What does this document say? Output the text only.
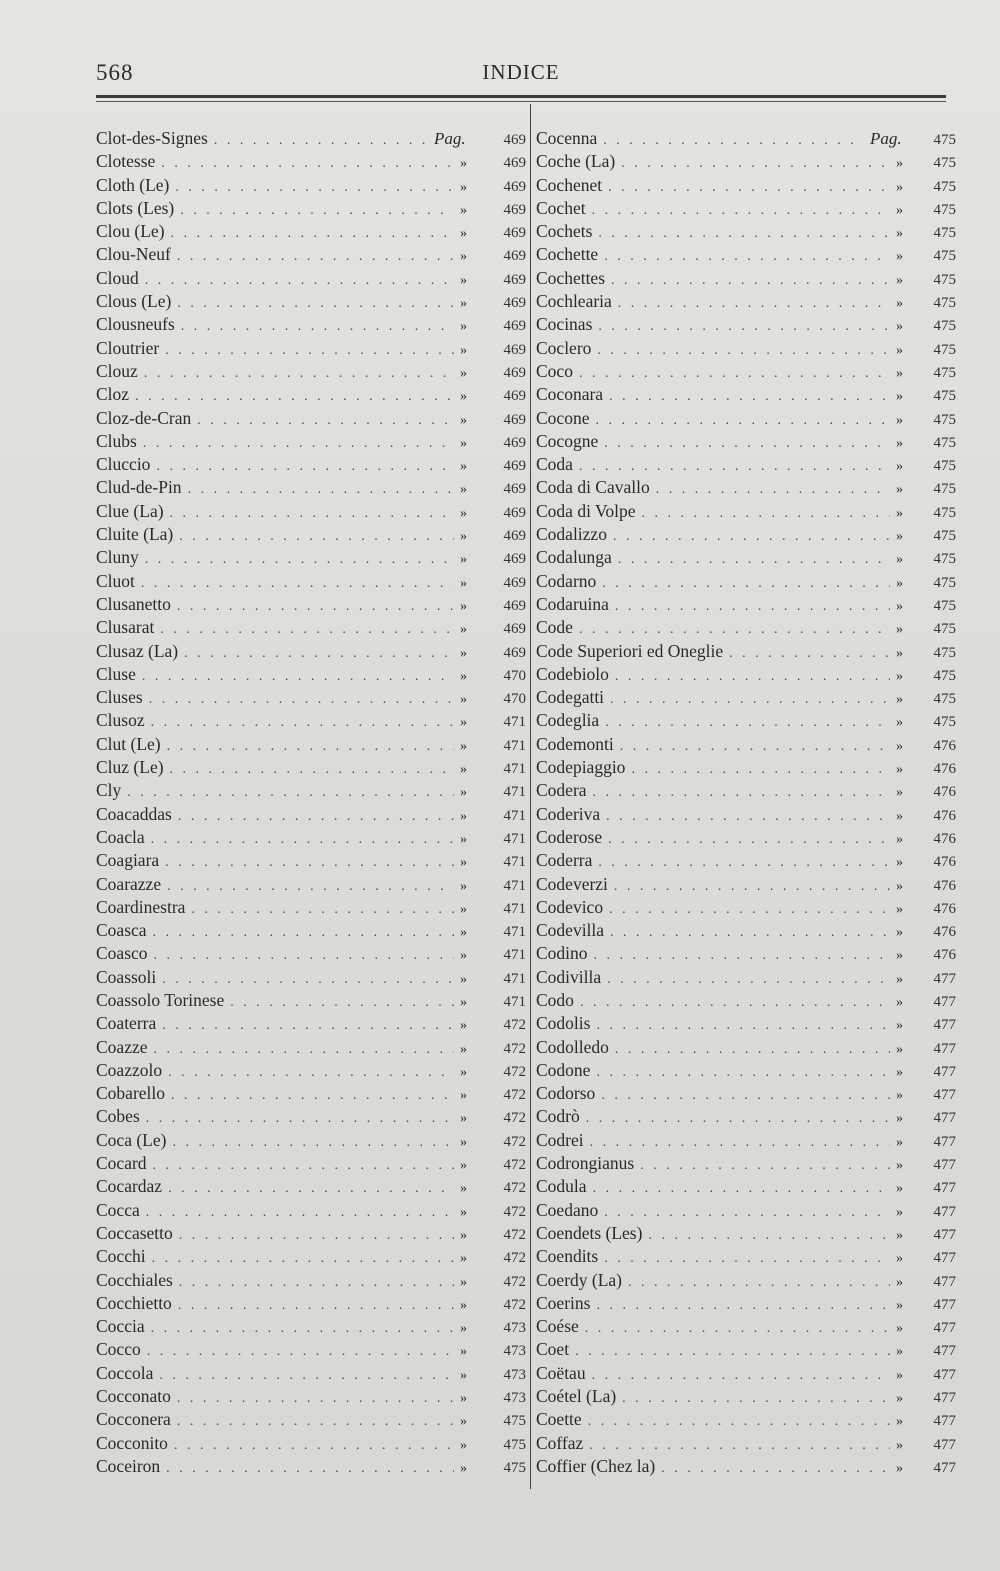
568	INDICE
Clot-des-Signes . . .	Pag.	469
Clotesse . . .	»	469
Cloth (Le) . . .	»	469
Clots (Les) . . .	»	469
Clou (Le) . . .	»	469
Clou-Neuf . . .	»	469
Cloud . . .	»	469
Clous (Le) . . .	»	469
Clousneufs . . .	»	469
Cloutrier . . .	»	469
Clouz . . .	»	469
Cloz . . .	»	469
Cloz-de-Cran . . .	»	469
Clubs . . .	»	469
Cluccio . . .	»	469
Clud-de-Pin . . .	»	469
Clue (La) . . .	»	469
Cluite (La) . . .	»	469
Cluny . . .	»	469
Cluot . . .	»	469
Clusanetto . . .	»	469
Clusarat . . .	»	469
Clusaz (La) . . .	»	469
Cluse . . .	»	470
Cluses . . .	»	470
Clusoz . . .	»	471
Clut (Le) . . .	»	471
Cluz (Le) . . .	»	471
Cly . . .	»	471
Coacaddas . . .	»	471
Coacla . . .	»	471
Coagiara . . .	»	471
Coarazze . . .	»	471
Coardinestra . . .	»	471
Coasca . . .	»	471
Coasco . . .	»	471
Coassoli . . .	»	471
Coassolo Torinese . . .	»	471
Coaterra . . .	»	472
Coazze . . .	»	472
Coazzolo . . .	»	472
Cobarello . . .	»	472
Cobes . . .	»	472
Coca (Le) . . .	»	472
Cocard . . .	»	472
Cocardaz . . .	»	472
Cocca . . .	»	472
Coccasetto . . .	»	472
Cocchi . . .	»	472
Cocchiales . . .	»	472
Cocchietto . . .	»	472
Coccia . . .	»	473
Cocco . . .	»	473
Coccola . . .	»	473
Cocconato . . .	»	473
Cocconera . . .	»	475
Cocconito . . .	»	475
Coceiron . . .	»	475
Cocenna . . .	Pag.	475
Coche (La) . . .	»	475
Cochenet . . .	»	475
Cochet . . .	»	475
Cochets . . .	»	475
Cochette . . .	»	475
Cochettes . . .	»	475
Cochlearia . . .	»	475
Cocinas . . .	»	475
Coclero . . .	»	475
Coco . . .	»	475
Coconara . . .	»	475
Cocone . . .	»	475
Cocogne . . .	»	475
Coda . . .	»	475
Coda di Cavallo . . .	»	475
Coda di Volpe . . .	»	475
Codalizzo . . .	»	475
Codalunga . . .	»	475
Codarno . . .	»	475
Codaruina . . .	»	475
Code . . .	»	475
Code Superiori ed Oneglie . . .	»	475
Codebiolo . . .	»	475
Codegatti . . .	»	475
Codeglia . . .	»	475
Codemonti . . .	»	476
Codepiaggio . . .	»	476
Codera . . .	»	476
Coderiva . . .	»	476
Coderose . . .	»	476
Coderra . . .	»	476
Codeverzi . . .	»	476
Codevico . . .	»	476
Codevilla . . .	»	476
Codino . . .	»	476
Codivilla . . .	»	477
Codo . . .	»	477
Codolis . . .	»	477
Codolledo . . .	»	477
Codone . . .	»	477
Codorso . . .	»	477
Codrò . . .	»	477
Codrei . . .	»	477
Codrongianus . . .	»	477
Codula . . .	»	477
Coedano . . .	»	477
Coendets (Les) . . .	»	477
Coendits . . .	»	477
Coerdy (La) . . .	»	477
Coerins . . .	»	477
Coése . . .	»	477
Coet . . .	»	477
Coëtau . . .	»	477
Coétel (La) . . .	»	477
Coette . . .	»	477
Coffaz . . .	»	477
Coffier (Chez la) . . .	»	477
